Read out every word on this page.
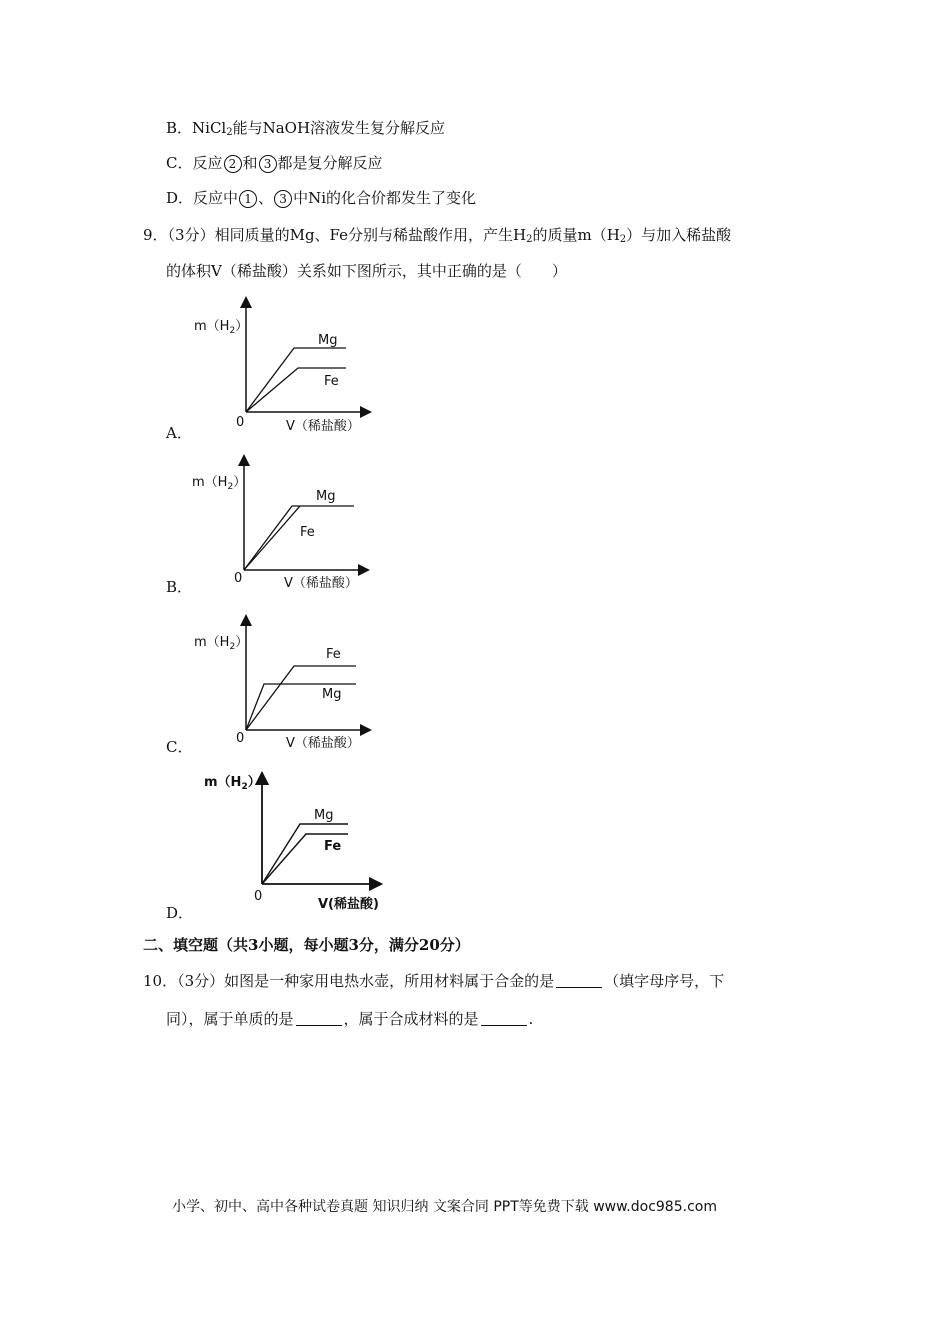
B．NiCl$_2$能与NaOH溶液发生复分解反应
C．反应 2 和 3 都是复分解反应
D．反应中 1 、 3 中Ni的化合价都发生了变化
9．（3分）相同质量的Mg、Fe分别与稀盐酸作用，产生$H_2$的质量$m(H_2)$与加入稀盐酸
的体积V（稀盐酸）关系如下图所示，其中正确的是（　　）
A．
$m(H_2)$
Mg
Fe
0	V（稀盐酸）
B．
$m(H_2)$
Mg
Fe
0	V（稀盐酸）
C．
$m(H_2)$
Fe
Mg
0	V（稀盐酸）
D．
$m(H_2)$
Mg
Fe
0
V(稀盐酸)
二、填空题（共3小题，每小题3分，满分20分）
10．（3分）如图是一种家用电热水壶，所用材料属于合金的是	（填字母序号，下
同），属于单质的是	，属于合成材料的是	.
小学、初中、高中各种试卷真题 知识归纳 文案合同 PPT等免费下载 www.doc985.com
